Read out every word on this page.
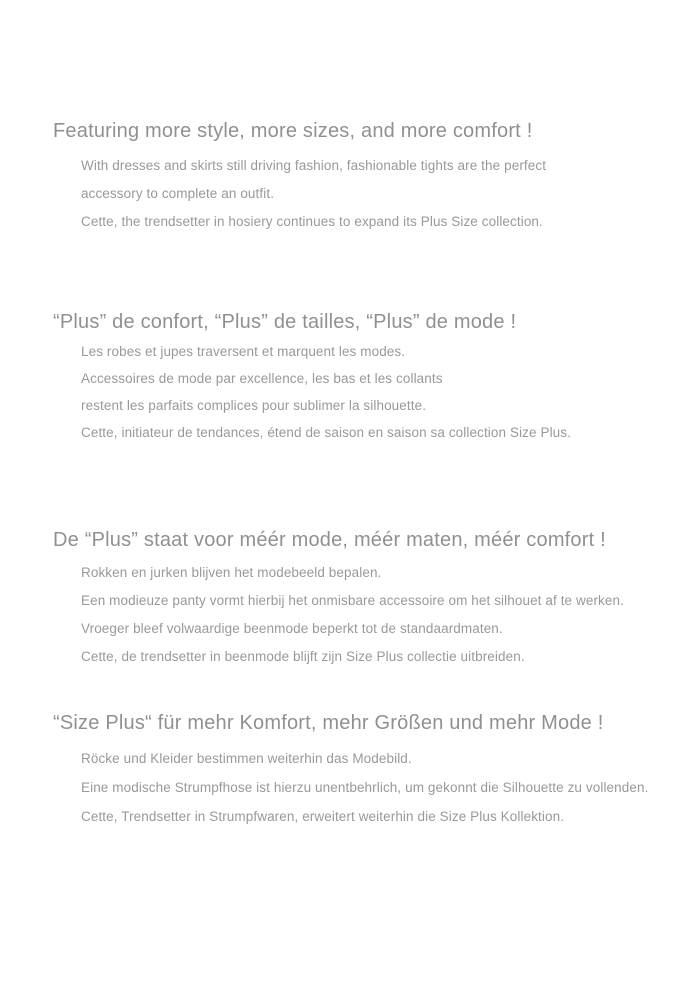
Featuring more style, more sizes, and more comfort !

With dresses and skirts still driving fashion, fashionable tights are the perfect

accessory to complete an outfit.

Cette, the trendsetter in hosiery continues to expand its Plus Size collection.

“Plus” de confort, “Plus” de tailles, “Plus” de mode !

Les robes et jupes traversent et marquent les modes.

Accessoires de mode par excellence, les bas et les collants

restent les parfaits complices pour sublimer la silhouette.

Cette, initiateur de tendances, étend de saison en saison sa collection Size Plus.

De “Plus” staat voor méér mode, méér maten, méér comfort !

Rokken en jurken blijven het modebeeld bepalen.

Een modieuze panty vormt hierbij het onmisbare accessoire om het silhouet af te werken.

Vroeger bleef volwaardige beenmode beperkt tot de standaardmaten.

Cette, de trendsetter in beenmode blijft zijn Size Plus collectie uitbreiden.

“Size Plus“ für mehr Komfort, mehr Größen und mehr Mode !

Röcke und Kleider bestimmen weiterhin das Modebild.

Eine modische Strumpfhose ist hierzu unentbehrlich, um gekonnt die Silhouette zu vollenden.

Cette, Trendsetter in Strumpfwaren, erweitert weiterhin die Size Plus Kollektion.
